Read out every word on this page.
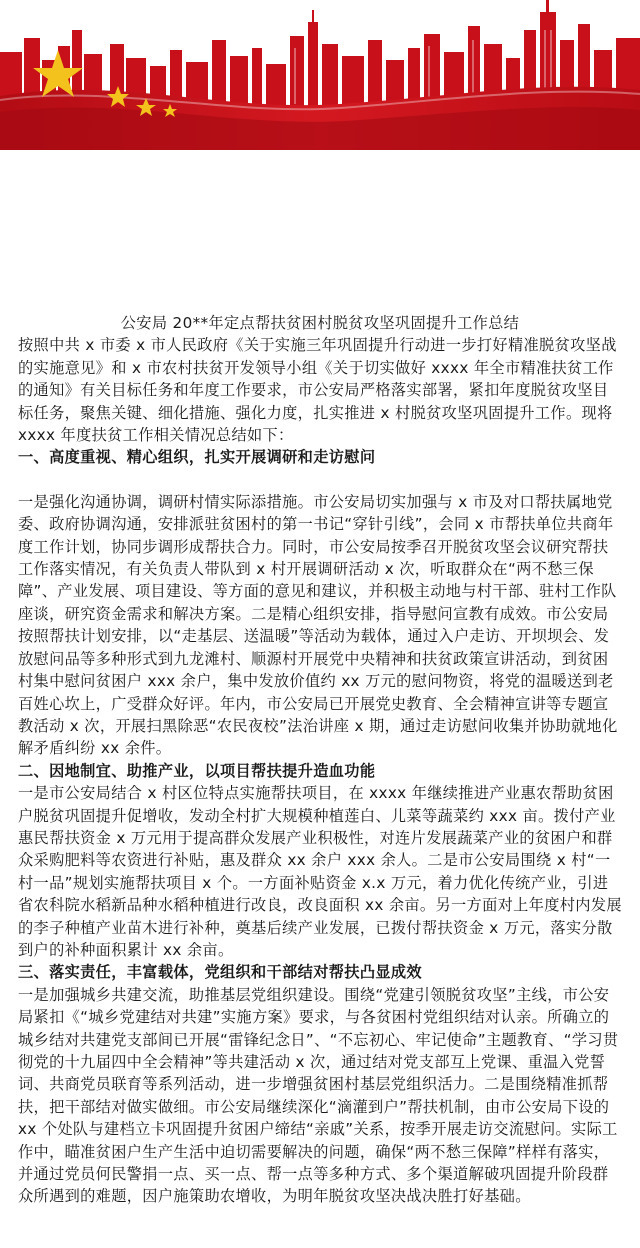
公安局 20**年定点帮扶贫困村脱贫攻坚巩固提升工作总结

按照中共 x 市委 x 市人民政府《关于实施三年巩固提升行动进一步打好精准脱贫攻坚战的实施意见》和 x 市农村扶贫开发领导小组《关于切实做好 xxxx 年全市精准扶贫工作的通知》有关目标任务和年度工作要求，市公安局严格落实部署，紧扣年度脱贫攻坚目标任务，聚焦关键、细化措施、强化力度，扎实推进 x 村脱贫攻坚巩固提升工作。现将 xxxx 年度扶贫工作相关情况总结如下：

一、高度重视、精心组织，扎实开展调研和走访慰问

一是强化沟通协调，调研村情实际添措施。市公安局切实加强与 x 市及对口帮扶属地党委、政府协调沟通，安排派驻贫困村的第一书记“穿针引线”，会同 x 市帮扶单位共商年度工作计划，协同步调形成帮扶合力。同时，市公安局按季召开脱贫攻坚会议研究帮扶工作落实情况，有关负责人带队到 x 村开展调研活动 x 次，听取群众在“两不愁三保障”、产业发展、项目建设、等方面的意见和建议，并积极主动地与村干部、驻村工作队座谈，研究资金需求和解决方案。二是精心组织安排，指导慰问宣教有成效。市公安局按照帮扶计划安排，以“走基层、送温暖”等活动为载体，通过入户走访、开坝坝会、发放慰问品等多种形式到九龙滩村、顺源村开展党中央精神和扶贫政策宣讲活动，到贫困村集中慰问贫困户 xxx 余户，集中发放价值约 xx 万元的慰问物资，将党的温暖送到老百姓心坎上，广受群众好评。年内，市公安局已开展党史教育、全会精神宣讲等专题宣教活动 x 次，开展扫黑除恶“农民夜校”法治讲座 x 期，通过走访慰问收集并协助就地化解矛盾纠纷 xx 余件。

二、因地制宜、助推产业，以项目帮扶提升造血功能

一是市公安局结合 x 村区位特点实施帮扶项目，在 xxxx 年继续推进产业惠农帮助贫困户脱贫巩固提升促增收，发动全村扩大规模种植莲白、儿菜等蔬菜约 xxx 亩。拨付产业惠民帮扶资金 x 万元用于提高群众发展产业积极性，对连片发展蔬菜产业的贫困户和群众采购肥料等农资进行补贴，惠及群众 xx 余户 xxx 余人。二是市公安局围绕 x 村“一村一品”规划实施帮扶项目 x 个。一方面补贴资金 x.x 万元，着力优化传统产业，引进省农科院水稻新品种水稻种植进行改良，改良面积 xx 余亩。另一方面对上年度村内发展的李子种植产业苗木进行补种，奠基后续产业发展，已拨付帮扶资金 x 万元，落实分散到户的补种面积累计 xx 余亩。

三、落实责任，丰富载体，党组织和干部结对帮扶凸显成效

一是加强城乡共建交流，助推基层党组织建设。围绕“党建引领脱贫攻坚”主线，市公安局紧扣《“城乡党建结对共建”实施方案》要求，与各贫困村党组织结对认亲。所确立的城乡结对共建党支部间已开展“雷锋纪念日”、“不忘初心、牢记使命”主题教育、“学习贯彻党的十九届四中全会精神”等共建活动 x 次，通过结对党支部互上党课、重温入党誓词、共商党员联育等系列活动，进一步增强贫困村基层党组织活力。二是围绕精准抓帮扶，把干部结对做实做细。市公安局继续深化“滴灌到户”帮扶机制，由市公安局下设的 xx 个处队与建档立卡巩固提升贫困户缔结“亲戚”关系，按季开展走访交流慰问。实际工作中，瞄准贫困户生产生活中迫切需要解决的问题，确保“两不愁三保障”样样有落实，并通过党员何民警捐一点、买一点、帮一点等多种方式、多个渠道解破巩固提升阶段群众所遇到的难题，因户施策助农增收，为明年脱贫攻坚决战决胜打好基础。
